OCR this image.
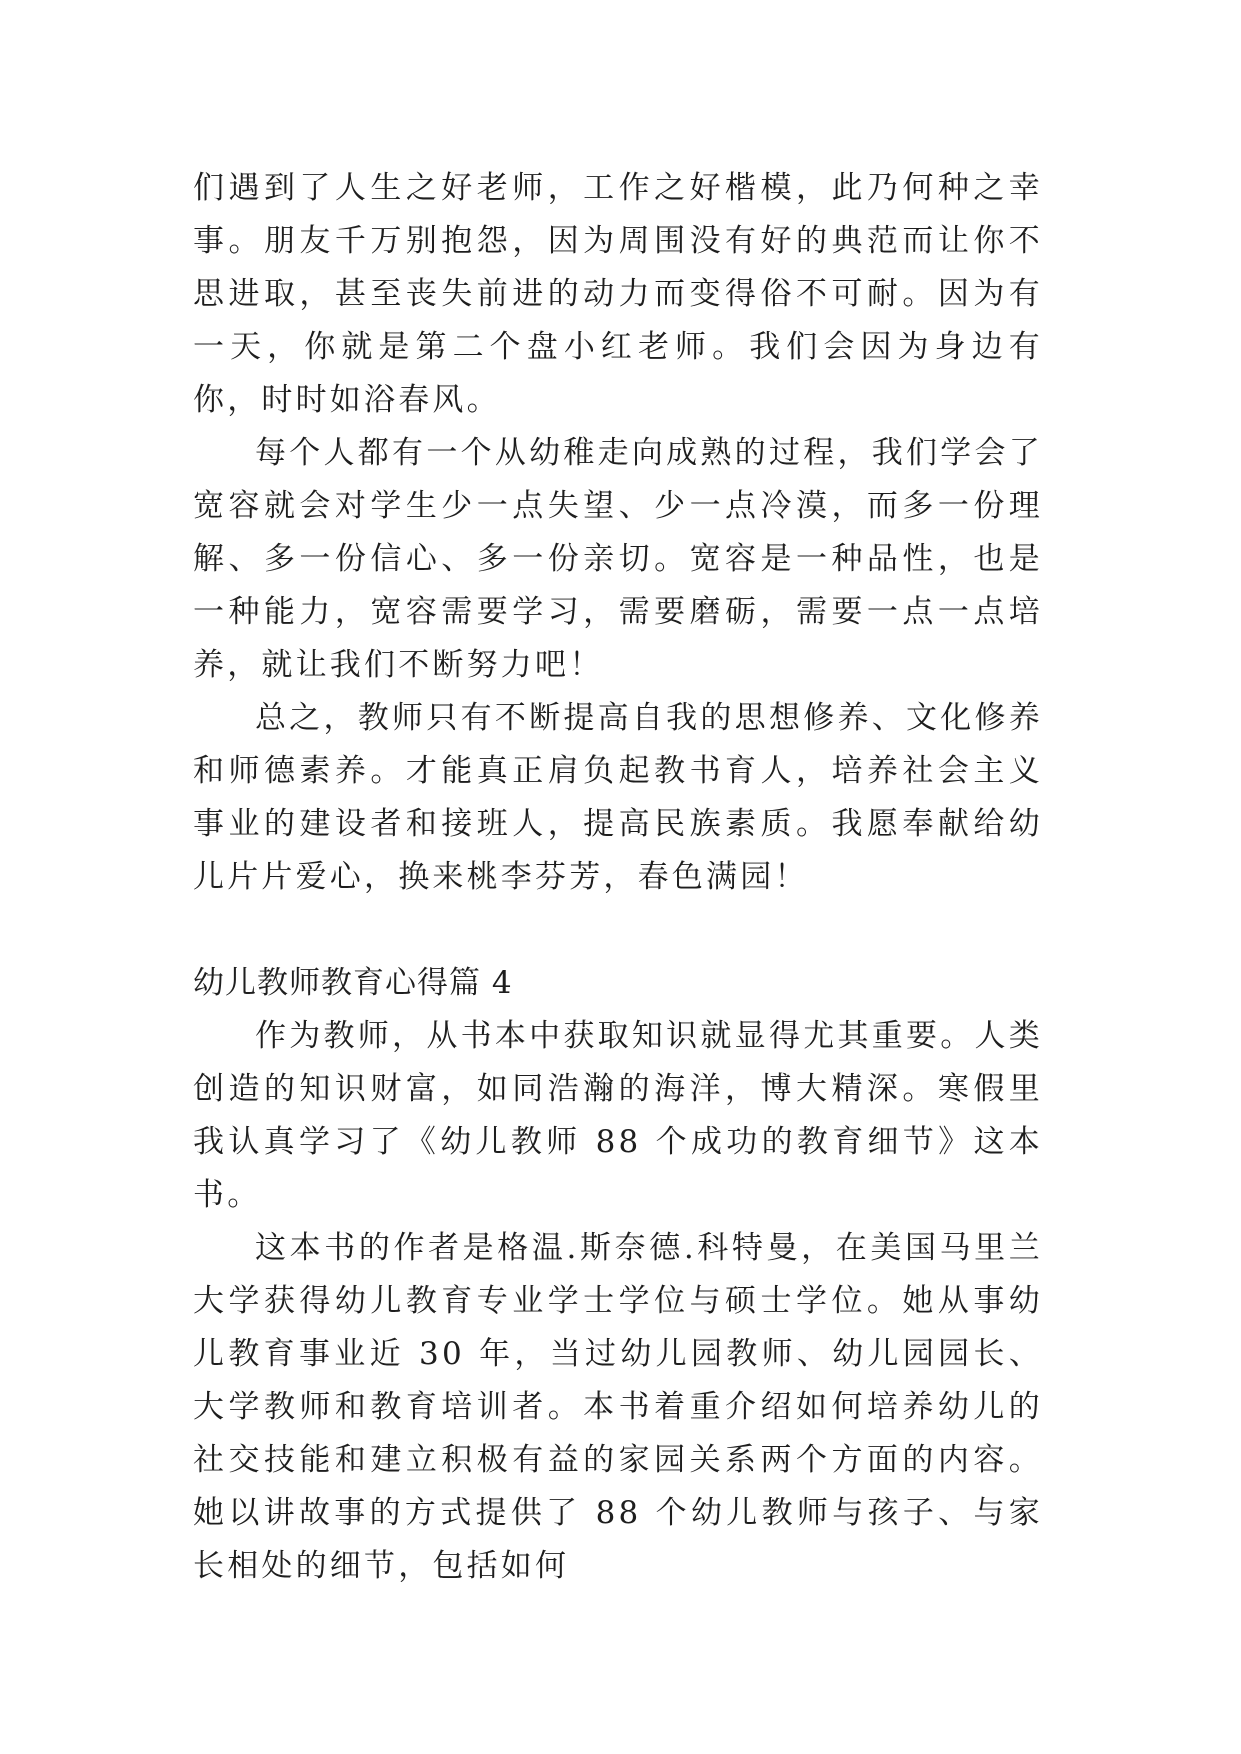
们遇到了人生之好老师，工作之好楷模，此乃何种之幸事。朋友千万别抱怨，因为周围没有好的典范而让你不思进取，甚至丧失前进的动力而变得俗不可耐。因为有一天，你就是第二个盘小红老师。我们会因为身边有你，时时如浴春风。

每个人都有一个从幼稚走向成熟的过程，我们学会了宽容就会对学生少一点失望、少一点冷漠，而多一份理解、多一份信心、多一份亲切。宽容是一种品性，也是一种能力，宽容需要学习，需要磨砺，需要一点一点培养，就让我们不断努力吧！

总之，教师只有不断提高自我的思想修养、文化修养和师德素养。才能真正肩负起教书育人，培养社会主义事业的建设者和接班人，提高民族素质。我愿奉献给幼儿片片爱心，换来桃李芬芳，春色满园！

幼儿教师教育心得篇 4

作为教师，从书本中获取知识就显得尤其重要。人类创造的知识财富，如同浩瀚的海洋，博大精深。寒假里我认真学习了《幼儿教师 88 个成功的教育细节》这本书。

这本书的作者是格温.斯奈德.科特曼，在美国马里兰大学获得幼儿教育专业学士学位与硕士学位。她从事幼儿教育事业近 30 年，当过幼儿园教师、幼儿园园长、大学教师和教育培训者。本书着重介绍如何培养幼儿的社交技能和建立积极有益的家园关系两个方面的内容。她以讲故事的方式提供了 88 个幼儿教师与孩子、与家长相处的细节，包括如何
